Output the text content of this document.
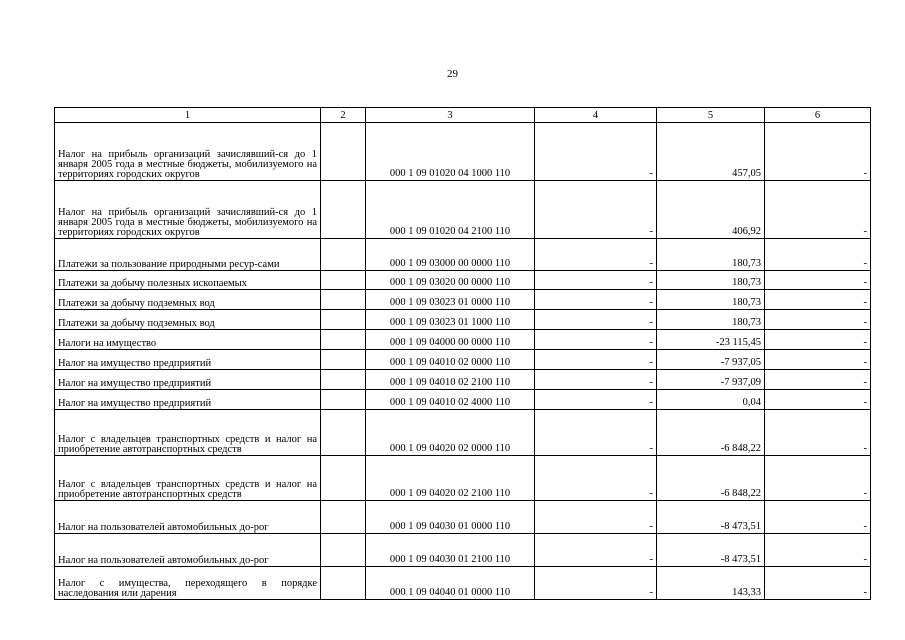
29
1	2	3	4	5	6
Налог на прибыль организаций зачислявший-ся до 1 января 2005 года в местные бюджеты, мобилизуемого на территориях городских округов		000 1 09 01020 04 1000 110	-	457,05	-
Налог на прибыль организаций зачислявший-ся до 1 января 2005 года в местные бюджеты, мобилизуемого на территориях городских округов		000 1 09 01020 04 2100 110	-	406,92	-
Платежи за пользование природными ресур-сами		000 1 09 03000 00 0000 110	-	180,73	-
Платежи за добычу полезных ископаемых		000 1 09 03020 00 0000 110	-	180,73	-
Платежи за добычу подземных вод		000 1 09 03023 01 0000 110	-	180,73	-
Платежи за добычу подземных вод		000 1 09 03023 01 1000 110	-	180,73	-
Налоги на имущество		000 1 09 04000 00 0000 110	-	-23 115,45	-
Налог на имущество предприятий		000 1 09 04010 02 0000 110	-	-7 937,05	-
Налог на имущество предприятий		000 1 09 04010 02 2100 110	-	-7 937,09	-
Налог на имущество предприятий		000 1 09 04010 02 4000 110	-	0,04	-
Налог с владельцев транспортных средств и налог на приобретение автотранспортных средств		000 1 09 04020 02 0000 110	-	-6 848,22	-
Налог с владельцев транспортных средств и налог на приобретение автотранспортных средств		000 1 09 04020 02 2100 110	-	-6 848,22	-
Налог на пользователей автомобильных до-рог		000 1 09 04030 01 0000 110	-	-8 473,51	-
Налог на пользователей автомобильных до-рог		000 1 09 04030 01 2100 110	-	-8 473,51	-
Налог с имущества, переходящего в порядке наследования или дарения		000 1 09 04040 01 0000 110	-	143,33	-
